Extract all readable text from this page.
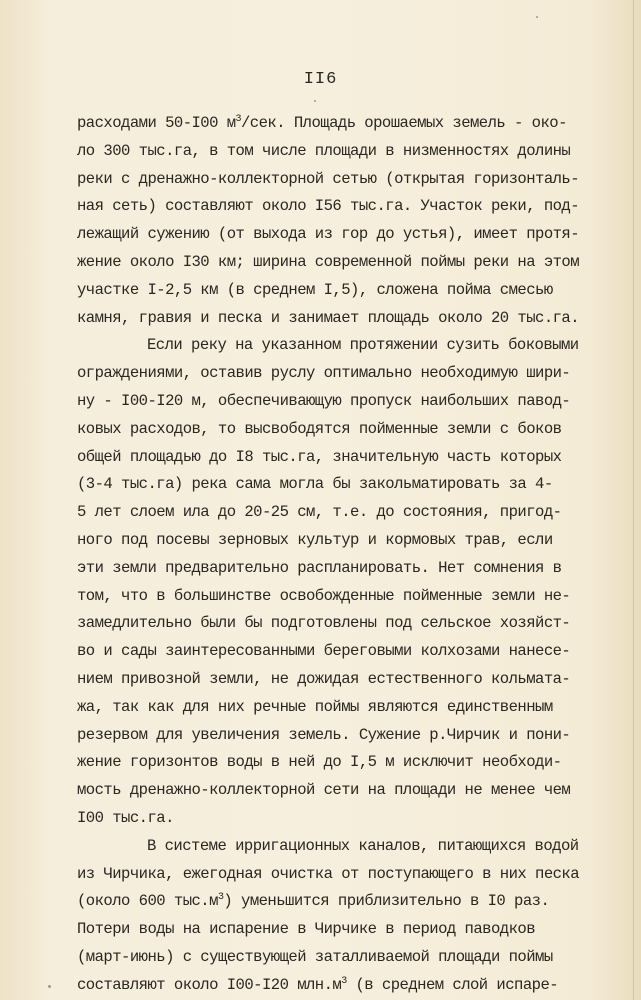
II6
расходами 50-I00 $м^3$/сек. Площадь орошаемых земель - око-
ло 300 тыс.га, в том числе площади в низменностях долины
реки с дренажно-коллекторной сетью (открытая горизонталь-
ная сеть) составляют около I56 тыс.га. Участок реки, под-
лежащий сужению (от выхода из гор до устья), имеет протя-
жение около I30 км; ширина современной поймы реки на этом
участке I-2,5 км (в среднем I,5), сложена пойма смесью
камня, гравия и песка и занимает площадь около 20 тыс.га.
Если реку на указанном протяжении сузить боковыми
ограждениями, оставив руслу оптимально необходимую шири-
ну - I00-I20 м, обеспечивающую пропуск наибольших павод-
ковых расходов, то высвободятся пойменные земли с боков
общей площадью до I8 тыс.га, значительную часть которых
(3-4 тыс.га) река сама могла бы закольматировать за 4-
5 лет слоем ила до 20-25 см, т.е. до состояния, пригод-
ного под посевы зерновых культур и кормовых трав, если
эти земли предварительно распланировать. Нет сомнения в
том, что в большинстве освобожденные пойменные земли не-
замедлительно были бы подготовлены под сельское хозяйст-
во и сады заинтересованными береговыми колхозами нанесе-
нием привозной земли, не дожидая естественного кольмата-
жа, так как для них речные поймы являются единственным
резервом для увеличения земель. Сужение р.Чирчик и пони-
жение горизонтов воды в ней до I,5 м исключит необходи-
мость дренажно-коллекторной сети на площади не менее чем
I00 тыс.га.
В системе ирригационных каналов, питающихся водой
из Чирчика, ежегодная очистка от поступающего в них песка
(около 600 $тыс.м^3$) уменьшится приблизительно в I0 раз.
Потери воды на испарение в Чирчике в период паводков
(март-июнь) с существующей заталливаемой площади поймы
составляют около I00-I20 $млн.м^3$ (в среднем слой испаре-
